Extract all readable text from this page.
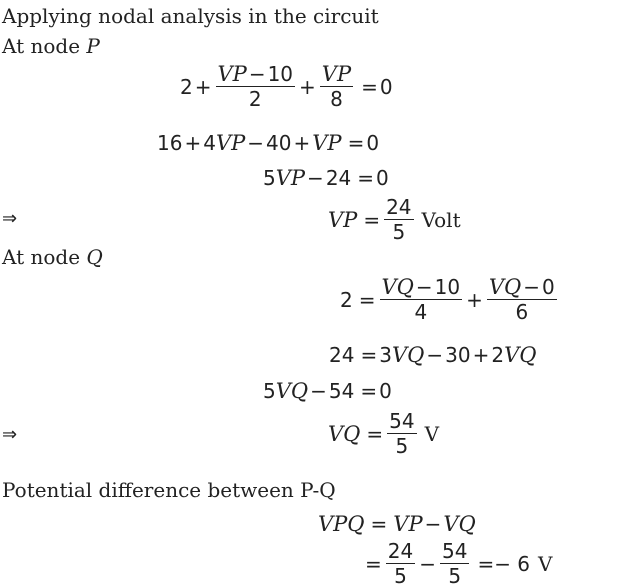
Applying nodal analysis in the circuit
At node P
$2 + \frac{\text{V P − 10}}{2} + \frac{\text{V P}}{8} = 0$
16 + 4 V P − 40 + V P = 0
5 V P − 24 = 0
⇒	V $P = \frac{24}{5}$ Volt
At node Q
$2 = \frac{\text{V Q − 10}}{4} + \frac{\text{V Q − 0}}{6}$
24 = 3 V Q − 30 + 2 V Q
5 V Q − 54 = 0
⇒	V $Q = \frac{54}{5}$ V
Potential difference between P-Q
V PQ = V P − V Q
= $\frac{24}{5} - \frac{54}{5} =- 6$ V
